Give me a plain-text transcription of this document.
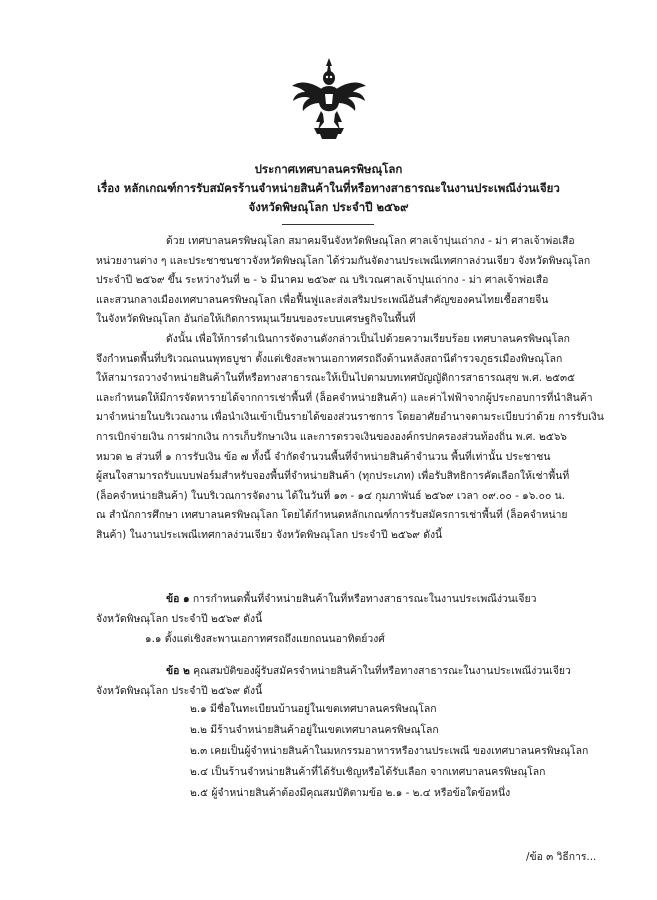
ประกาศเทศบาลนครพิษณุโลก
เรื่อง หลักเกณฑ์การรับสมัครร้านจำหน่ายสินค้าในที่หรือทางสาธารณะในงานประเพณีง่วนเจียว
จังหวัดพิษณุโลก ประจำปี ๒๕๖๙
ด้วย เทศบาลนครพิษณุโลก สมาคมจีนจังหวัดพิษณุโลก ศาลเจ้าปุนเถ่ากง - ม่า ศาลเจ้าพ่อเสือ
หน่วยงานต่าง ๆ และประชาชนชาวจังหวัดพิษณุโลก ได้ร่วมกันจัดงานประเพณีเทศกาลง่วนเจียว จังหวัดพิษณุโลก
ประจำปี ๒๕๖๙ ขึ้น ระหว่างวันที่ ๒ - ๖ มีนาคม ๒๕๖๙ ณ บริเวณศาลเจ้าปุนเถ่ากง - ม่า ศาลเจ้าพ่อเสือ
และสวนกลางเมืองเทศบาลนครพิษณุโลก เพื่อฟื้นฟูและส่งเสริมประเพณีอันสำคัญของคนไทยเชื้อสายจีน
ในจังหวัดพิษณุโลก อันก่อให้เกิดการหมุนเวียนของระบบเศรษฐกิจในพื้นที่
ดังนั้น เพื่อให้การดำเนินการจัดงานดังกล่าวเป็นไปด้วยความเรียบร้อย เทศบาลนครพิษณุโลก
จึงกำหนดพื้นที่บริเวณถนนพุทธบูชา ตั้งแต่เชิงสะพานเอกาทศรถถึงด้านหลังสถานีตำรวจภูธรเมืองพิษณุโลก
ให้สามารถวางจำหน่ายสินค้าในที่หรือทางสาธารณะให้เป็นไปตามบทเทศบัญญัติการสาธารณสุข พ.ศ. ๒๕๓๕
และกำหนดให้มีการจัดหารายได้จากการเช่าพื้นที่ (ล็อคจำหน่ายสินค้า) และค่าไฟฟ้าจากผู้ประกอบการที่นำสินค้า
มาจำหน่ายในบริเวณงาน เพื่อนำเงินเข้าเป็นรายได้ของส่วนราชการ โดยอาศัยอำนาจตามระเบียบว่าด้วย การรับเงิน
การเบิกจ่ายเงิน การฝากเงิน การเก็บรักษาเงิน และการตรวจเงินขององค์กรปกครองส่วนท้องถิ่น พ.ศ. ๒๕๖๖
หมวด ๒ ส่วนที่ ๑ การรับเงิน ข้อ ๗ ทั้งนี้ จำกัดจำนวนพื้นที่จำหน่ายสินค้าจำนวน พื้นที่เท่านั้น ประชาชน
ผู้สนใจสามารถรับแบบฟอร์มสำหรับจองพื้นที่จำหน่ายสินค้า (ทุกประเภท) เพื่อรับสิทธิการคัดเลือกให้เช่าพื้นที่
(ล็อคจำหน่ายสินค้า) ในบริเวณการจัดงาน ได้ในวันที่ ๑๓ - ๑๔ กุมภาพันธ์ ๒๕๖๙ เวลา ๐๙.๐๐ - ๑๖.๐๐ น.
ณ สำนักการศึกษา เทศบาลนครพิษณุโลก โดยได้กำหนดหลักเกณฑ์การรับสมัครการเช่าพื้นที่ (ล็อคจำหน่าย
สินค้า) ในงานประเพณีเทศกาลง่วนเจียว จังหวัดพิษณุโลก ประจำปี ๒๕๖๙ ดังนี้
ข้อ ๑ การกำหนดพื้นที่จำหน่ายสินค้าในที่หรือทางสาธารณะในงานประเพณีง่วนเจียว
จังหวัดพิษณุโลก ประจำปี ๒๕๖๙ ดังนี้
๑.๑ ตั้งแต่เชิงสะพานเอกาทศรถถึงแยกถนนอาทิตย์วงศ์
ข้อ ๒ คุณสมบัติของผู้รับสมัครจำหน่ายสินค้าในที่หรือทางสาธารณะในงานประเพณีง่วนเจียว
จังหวัดพิษณุโลก ประจำปี ๒๕๖๙ ดังนี้
๒.๑ มีชื่อในทะเบียนบ้านอยู่ในเขตเทศบาลนครพิษณุโลก
๒.๒ มีร้านจำหน่ายสินค้าอยู่ในเขตเทศบาลนครพิษณุโลก
๒.๓ เคยเป็นผู้จำหน่ายสินค้าในมหกรรมอาหารหรืองานประเพณี ของเทศบาลนครพิษณุโลก
๒.๔ เป็นร้านจำหน่ายสินค้าที่ได้รับเชิญหรือได้รับเลือก จากเทศบาลนครพิษณุโลก
๒.๕ ผู้จำหน่ายสินค้าต้องมีคุณสมบัติตามข้อ ๒.๑ - ๒.๔ หรือข้อใดข้อหนึ่ง
/ข้อ ๓ วิธีการ...
